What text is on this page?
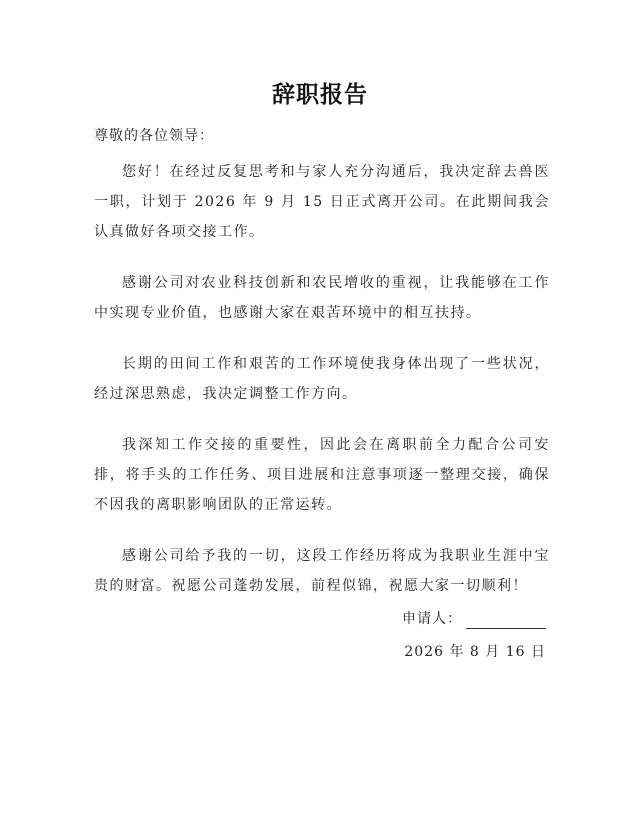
辞职报告
尊敬的各位领导：

您好！在经过反复思考和与家人充分沟通后，我决定辞去兽医一职，计划于 2026 年 9 月 15 日正式离开公司。在此期间我会认真做好各项交接工作。

感谢公司对农业科技创新和农民增收的重视，让我能够在工作中实现专业价值，也感谢大家在艰苦环境中的相互扶持。

长期的田间工作和艰苦的工作环境使我身体出现了一些状况，经过深思熟虑，我决定调整工作方向。

我深知工作交接的重要性，因此会在离职前全力配合公司安排，将手头的工作任务、项目进展和注意事项逐一整理交接，确保不因我的离职影响团队的正常运转。

感谢公司给予我的一切，这段工作经历将成为我职业生涯中宝贵的财富。祝愿公司蓬勃发展，前程似锦，祝愿大家一切顺利！

申请人：
2026 年 8 月 16 日
